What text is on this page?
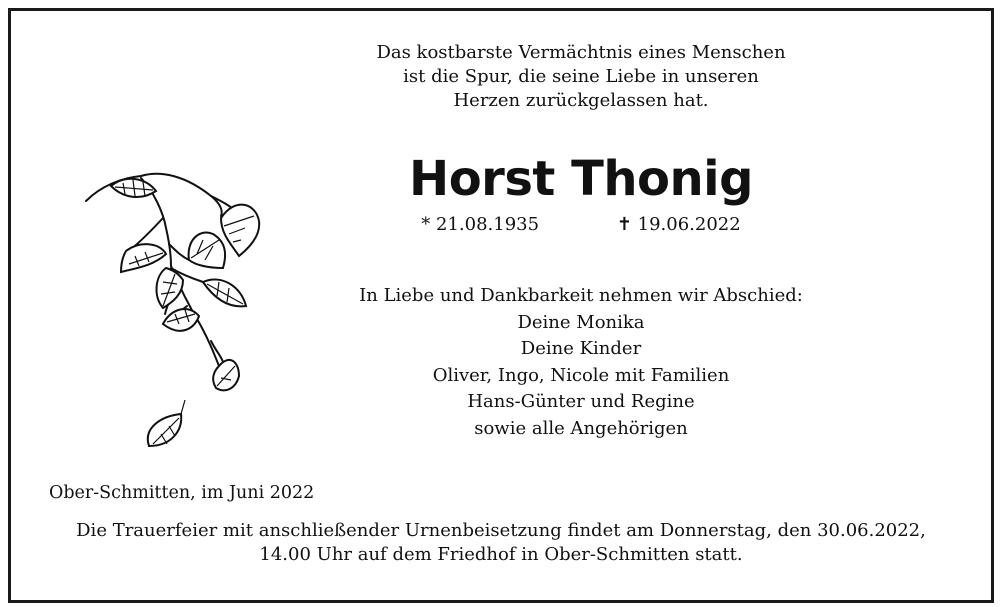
Das kostbarste Vermächtnis eines Menschen
ist die Spur, die seine Liebe in unseren
Herzen zurückgelassen hat.
Horst Thonig
* 21.08.1935	✝ 19.06.2022
In Liebe und Dankbarkeit nehmen wir Abschied:
Deine Monika
Deine Kinder
Oliver, Ingo, Nicole mit Familien
Hans-Günter und Regine
sowie alle Angehörigen
Ober-Schmitten, im Juni 2022
Die Trauerfeier mit anschließender Urnenbeisetzung findet am Donnerstag, den 30.06.2022,
14.00 Uhr auf dem Friedhof in Ober-Schmitten statt.
